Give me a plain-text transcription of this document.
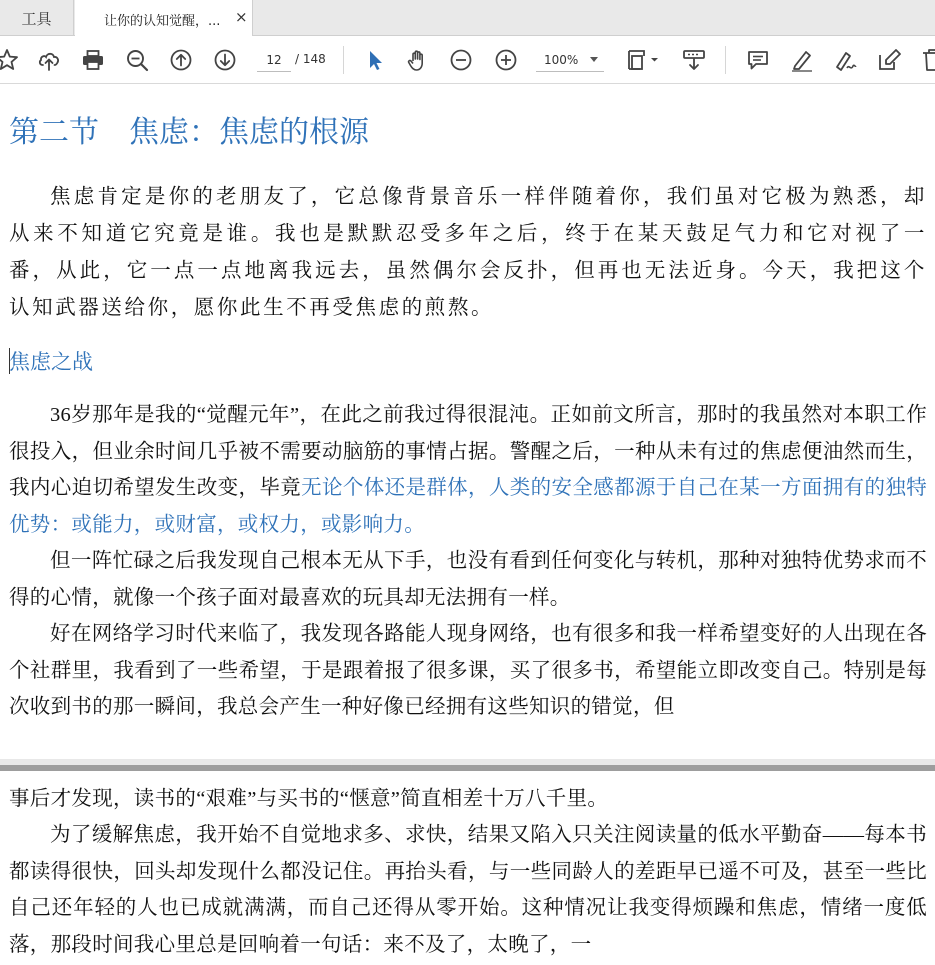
工具	让你的认知觉醒，... ×
12	/ 148	100%
第二节　焦虑：焦虑的根源

焦虑肯定是你的老朋友了，它总像背景音乐一样伴随着你，我们虽对它极为熟悉，却从来不知道它究竟是谁。我也是默默忍受多年之后，终于在某天鼓足气力和它对视了一番，从此，它一点一点地离我远去，虽然偶尔会反扑，但再也无法近身。今天，我把这个认知武器送给你，愿你此生不再受焦虑的煎熬。

焦虑之战

36岁那年是我的“觉醒元年”，在此之前我过得很混沌。正如前文所言，那时的我虽然对本职工作很投入，但业余时间几乎被不需要动脑筋的事情占据。警醒之后，一种从未有过的焦虑便油然而生，我内心迫切希望发生改变，毕竟无论个体还是群体，人类的安全感都源于自己在某一方面拥有的独特优势：或能力，或财富，或权力，或影响力。

但一阵忙碌之后我发现自己根本无从下手，也没有看到任何变化与转机，那种对独特优势求而不得的心情，就像一个孩子面对最喜欢的玩具却无法拥有一样。

好在网络学习时代来临了，我发现各路能人现身网络，也有很多和我一样希望变好的人出现在各个社群里，我看到了一些希望，于是跟着报了很多课，买了很多书，希望能立即改变自己。特别是每次收到书的那一瞬间，我总会产生一种好像已经拥有这些知识的错觉，但

事后才发现，读书的“艰难”与买书的“惬意”简直相差十万八千里。

为了缓解焦虑，我开始不自觉地求多、求快，结果又陷入只关注阅读量的低水平勤奋——每本书都读得很快，回头却发现什么都没记住。再抬头看，与一些同龄人的差距早已遥不可及，甚至一些比自己还年轻的人也已成就满满，而自己还得从零开始。这种情况让我变得烦躁和焦虑，情绪一度低落，那段时间我心里总是回响着一句话：来不及了，太晚了，一
